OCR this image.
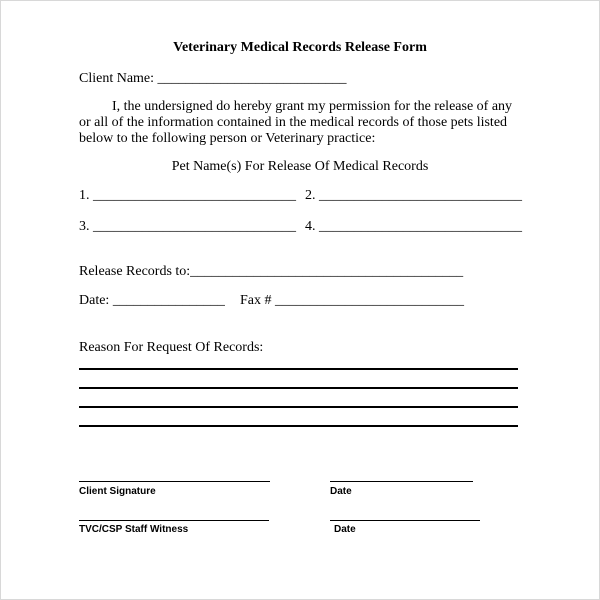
Veterinary Medical Records Release Form
Client Name: ___________________________
I, the undersigned do hereby grant my permission for the release of any or all of the information contained in the medical records of those pets listed below to the following person or Veterinary practice:
Pet Name(s) For Release Of Medical Records
1. _____________________________ 2. _____________________________
3. _____________________________ 4. _____________________________
Release Records to:_______________________________________
Date: ________________ Fax # ___________________________
Reason For Request Of Records:
Client Signature	Date
TVC/CSP Staff Witness	Date
